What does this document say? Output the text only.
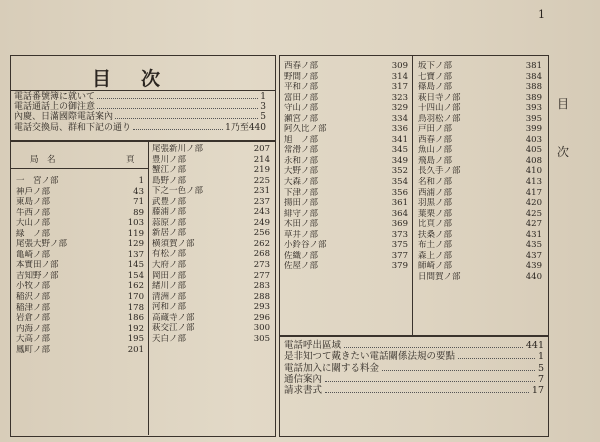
1
目 次
目次
電話番號簿に就いて	1
電話通話上の御注意	3
內慶、日滿國際電話案內	5
電話交換局、群和下記の通り	1乃至440
局　名	頁
一　宮ノ部	1
神戶ノ部	43
東島ノ部	71
牛西ノ部	89
大山ノ部	103
緑　ノ部	119
尾張大野ノ部	129
亀崎ノ部	137
本實田ノ部	145
吉知野ノ部	154
小牧ノ部	162
稲沢ノ部	170
稲津ノ部	178
岩倉ノ部	186
内海ノ部	192
大高ノ部	195
鳳町ノ部	201
尾張新川ノ部	207
豊川ノ部	214
蟹江ノ部	219
島野ノ部	225
下之一色ノ部	231
武豊ノ部	237
藤浦ノ部	243
蒜原ノ部	249
新居ノ部	256
横須賀ノ部	262
有松ノ部	268
大府ノ部	273
岡田ノ部	277
緒川ノ部	283
清洲ノ部	288
河和ノ部	293
高蔵寺ノ部	296
萩交江ノ部	300
天白ノ部	305
西春ノ部	309
野間ノ部	314
平和ノ部	317
富田ノ部	323
守山ノ部	329
瀬宮ノ部	334
阿久比ノ部	336
旭　ノ部	341
常滑ノ部	345
永和ノ部	349
大野ノ部	352
大森ノ部	354
下津ノ部	356
揚田ノ部	361
緋守ノ部	364
木田ノ部	369
草井ノ部	373
小鈴谷ノ部	375
佐織ノ部	377
佐屋ノ部	379
坂下ノ部	381
七寶ノ部	384
篠島ノ部	388
萩日寺ノ部	389
十四山ノ部	393
鳥羽松ノ部	395
戸田ノ部	399
西春ノ部	403
魚山ノ部	405
飛島ノ部	408
長久手ノ部	410
名和ノ部	413
西浦ノ部	417
羽黒ノ部	420
葉栗ノ部	425
比頁ノ部	427
扶桑ノ部	431
布土ノ部	435
森上ノ部	437
師崎ノ部	439
日間賀ノ部	440
電話呼出區域	441
是非知つて戴きたい電話關係法規の要點	1
電話加入に關する料金	5
通信案內	7
請求書式	17
